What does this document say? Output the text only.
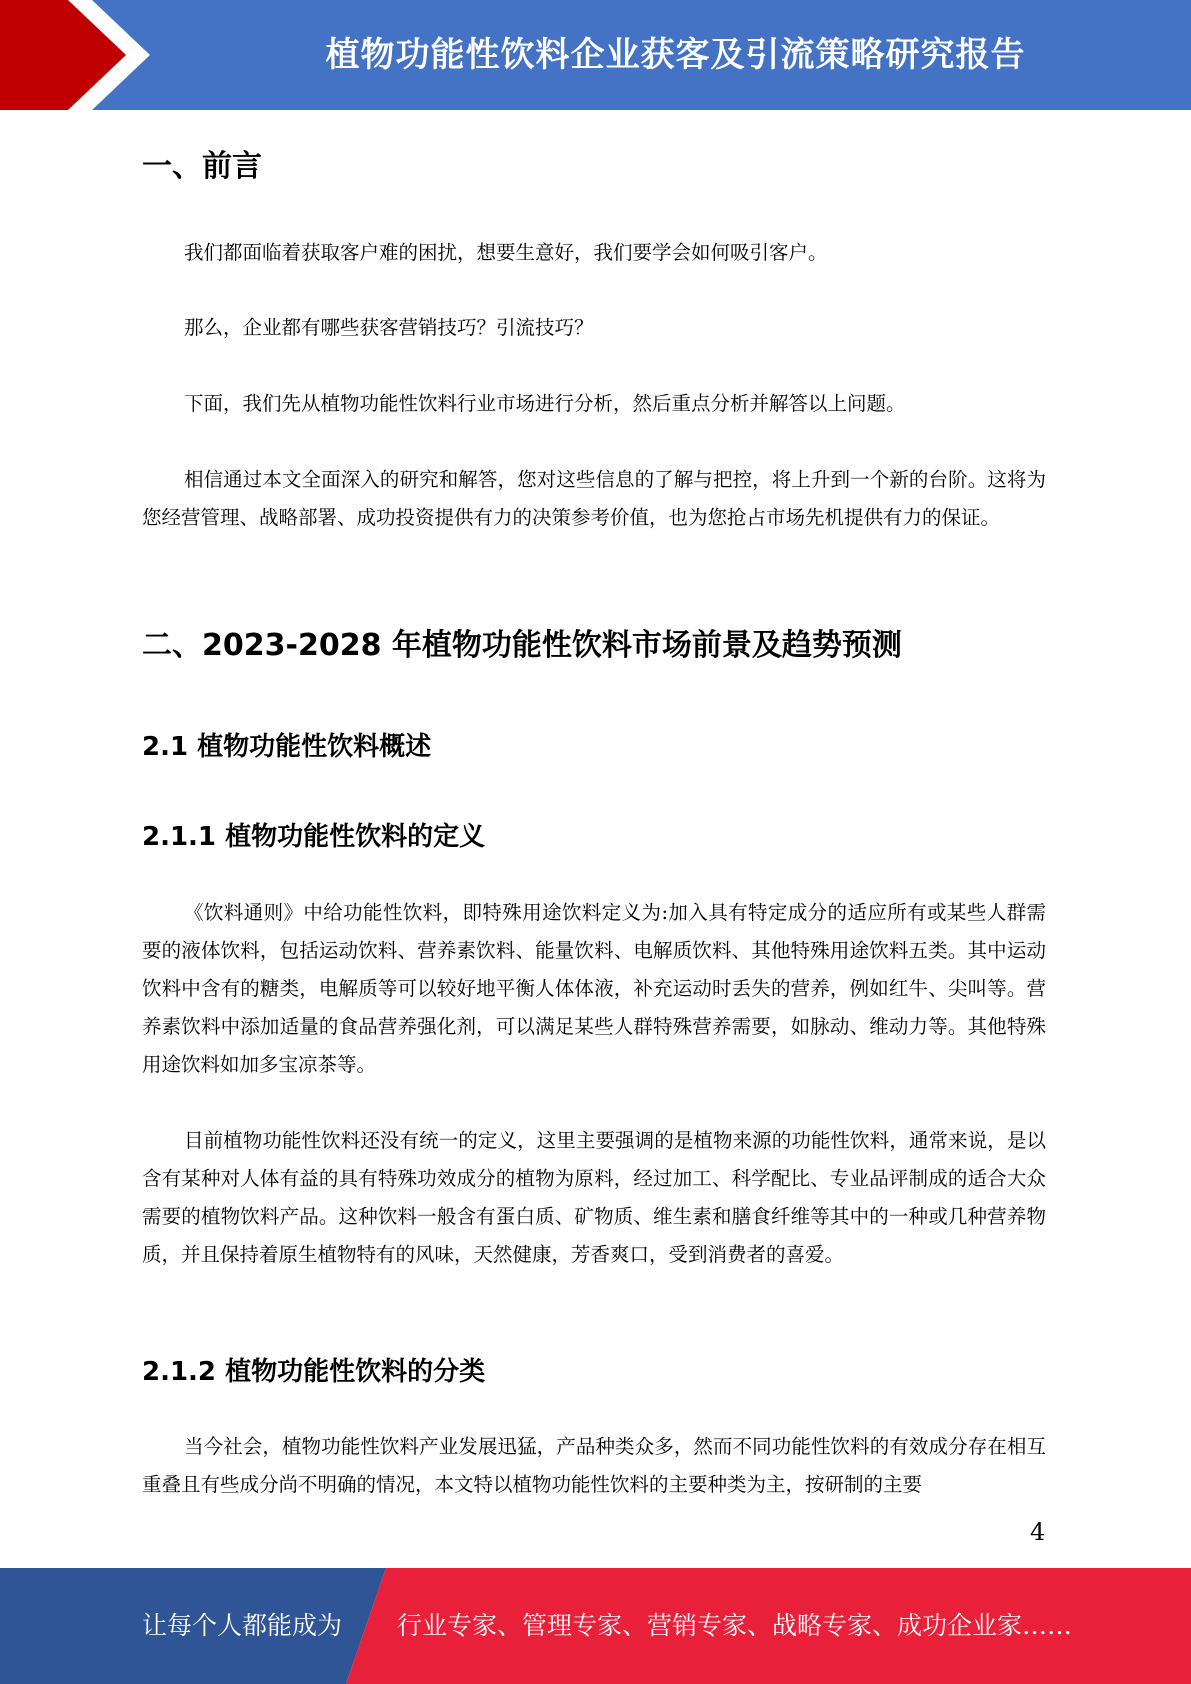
植物功能性饮料企业获客及引流策略研究报告
一、前言
我们都面临着获取客户难的困扰，想要生意好，我们要学会如何吸引客户。
那么，企业都有哪些获客营销技巧？引流技巧？
下面，我们先从植物功能性饮料行业市场进行分析，然后重点分析并解答以上问题。
相信通过本文全面深入的研究和解答，您对这些信息的了解与把控，将上升到一个新的台阶。这将为您经营管理、战略部署、成功投资提供有力的决策参考价值，也为您抢占市场先机提供有力的保证。
二、2023-2028 年植物功能性饮料市场前景及趋势预测
2.1 植物功能性饮料概述
2.1.1 植物功能性饮料的定义
《饮料通则》中给功能性饮料，即特殊用途饮料定义为:加入具有特定成分的适应所有或某些人群需要的液体饮料，包括运动饮料、营养素饮料、能量饮料、电解质饮料、其他特殊用途饮料五类。其中运动饮料中含有的糖类，电解质等可以较好地平衡人体体液，补充运动时丢失的营养，例如红牛、尖叫等。营养素饮料中添加适量的食品营养强化剂，可以满足某些人群特殊营养需要，如脉动、维动力等。其他特殊用途饮料如加多宝凉茶等。
目前植物功能性饮料还没有统一的定义，这里主要强调的是植物来源的功能性饮料，通常来说，是以含有某种对人体有益的具有特殊功效成分的植物为原料，经过加工、科学配比、专业品评制成的适合大众需要的植物饮料产品。这种饮料一般含有蛋白质、矿物质、维生素和膳食纤维等其中的一种或几种营养物质，并且保持着原生植物特有的风味，天然健康，芳香爽口，受到消费者的喜爱。
2.1.2 植物功能性饮料的分类
当今社会，植物功能性饮料产业发展迅猛，产品种类众多，然而不同功能性饮料的有效成分存在相互重叠且有些成分尚不明确的情况，本文特以植物功能性饮料的主要种类为主，按研制的主要
4
让每个人都能成为 行业专家、管理专家、营销专家、战略专家、成功企业家……
